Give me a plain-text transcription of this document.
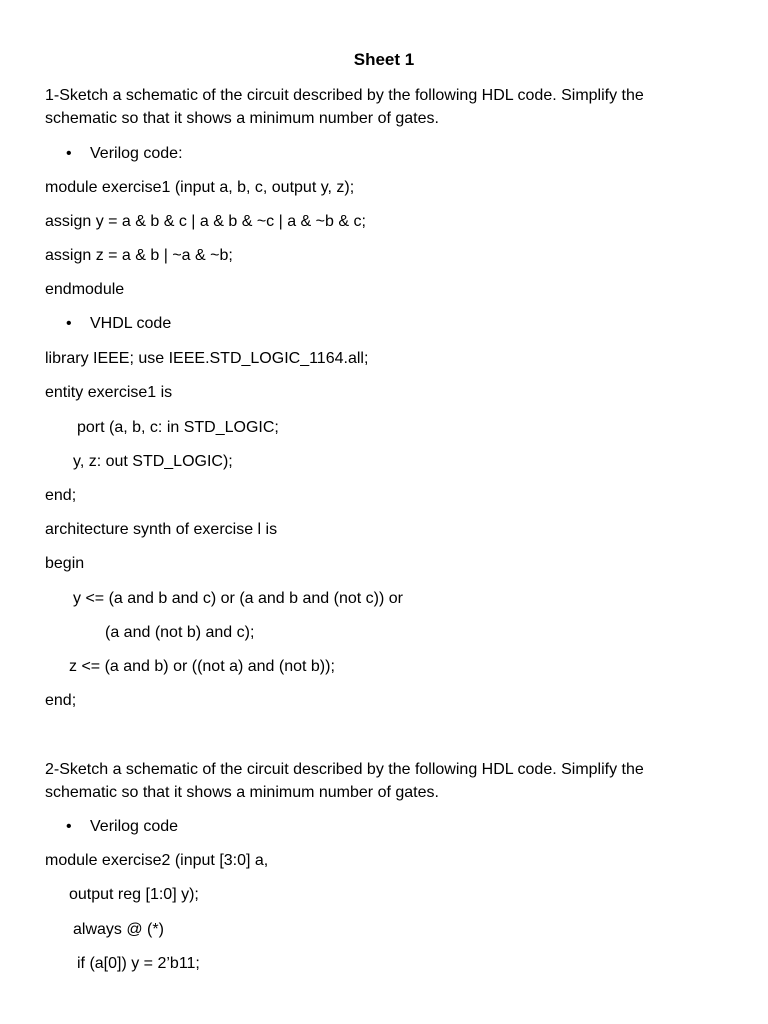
Sheet 1
1-Sketch a schematic of the circuit described by the following HDL code. Simplify the schematic so that it shows a minimum number of gates.
• Verilog code:
module exercise1 (input a, b, c, output y, z);
assign y = a & b & c | a & b & ~c | a & ~b & c;
assign z = a & b | ~a & ~b;
endmodule
• VHDL code
library IEEE; use IEEE.STD_LOGIC_1164.all;
entity exercise1 is
port (a, b, c: in STD_LOGIC;
y, z: out STD_LOGIC);
end;
architecture synth of exercise l is
begin
y <= (a and b and c) or (a and b and (not c)) or
(a and (not b) and c);
z <= (a and b) or ((not a) and (not b));
end;
2-Sketch a schematic of the circuit described by the following HDL code. Simplify the schematic so that it shows a minimum number of gates.
• Verilog code
module exercise2 (input [3:0] a,
output reg [1:0] y);
always @ (*)
if (a[0]) y = 2’b11;
